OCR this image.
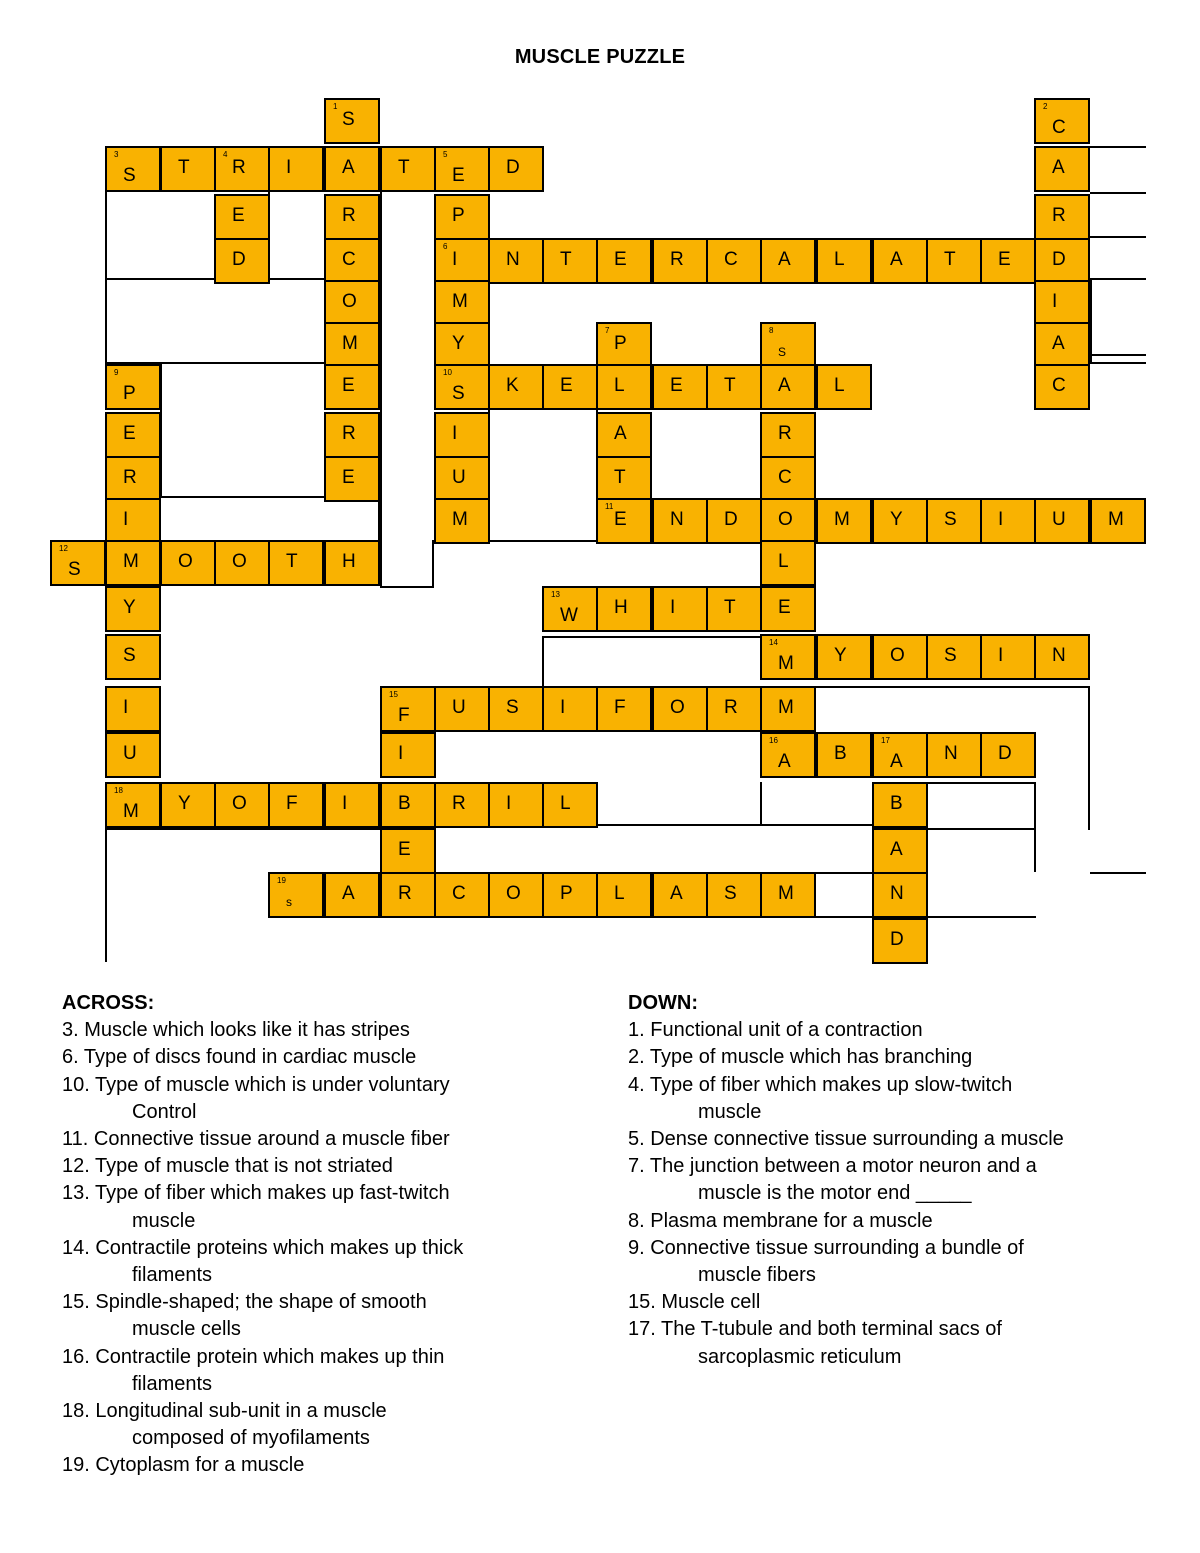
MUSCLE PUZZLE
1
S
2
C
3
S T
4
R I	A T
5
E D	A
E	R	P	R
D	C
6
I	N T E R C A L A T E D
O	M	I
M	Y
7
P
8
S	A
9
P	E
10
S K E L E T A L	C
E	R	I	A	R
R	E	U	T	C
I	M
11
E N D O M Y S I	U M
12
S M O O T H	L
Y
13
W H I	T E
S
14
M Y O S I	N
I
15
F U S I	F O R M
U	I
16
A B
17
A N D
18
M Y O F I	B R I	L	B
E	A
19
s	A R C O P L A S M	N
D
ACROSS:
3. Muscle which looks like it has stripes
6. Type of discs found in cardiac muscle
10. Type of muscle which is under voluntary
Control
11. Connective tissue around a muscle fiber
12. Type of muscle that is not striated
13. Type of fiber which makes up fast-twitch
muscle
14. Contractile proteins which makes up thick
filaments
15. Spindle-shaped; the shape of smooth
muscle cells
16. Contractile protein which makes up thin
filaments
18. Longitudinal sub-unit in a muscle
composed of myofilaments
19. Cytoplasm for a muscle
DOWN:
1. Functional unit of a contraction
2. Type of muscle which has branching
4. Type of fiber which makes up slow-twitch
muscle
5. Dense connective tissue surrounding a muscle
7. The junction between a motor neuron and a
muscle is the motor end _____
8. Plasma membrane for a muscle
9. Connective tissue surrounding a bundle of
muscle fibers
15. Muscle cell
17. The T-tubule and both terminal sacs of
sarcoplasmic reticulum
